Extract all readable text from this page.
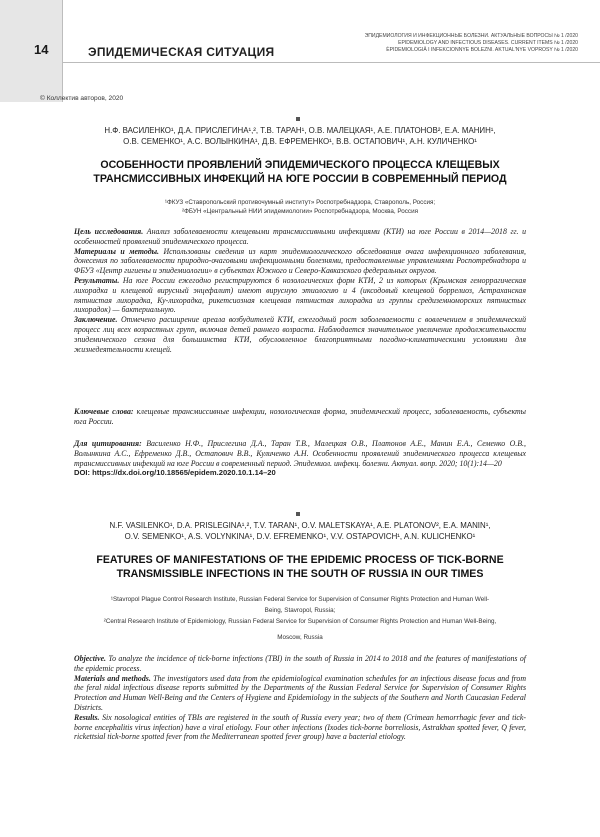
14	ЭПИДЕМИЧЕСКАЯ СИТУАЦИЯ
ЭПИДЕМИОЛОГИЯ И ИНФЕКЦИОННЫЕ БОЛЕЗНИ. АКТУАЛЬНЫЕ ВОПРОСЫ № 1 /2020
EPIDEMIOLOGY AND INFECTIOUS DISEASES. CURRENT ITEMS № 1 /2020
ÈPIDEMIOLOGIÂ I INFEKCIONNYE BOLEZNI. AKTUAL'NYE VOPROSY № 1 /2020
© Коллектив авторов, 2020
Н.Ф. ВАСИЛЕНКО¹, Д.А. ПРИСЛЕГИНА¹,², Т.В. ТАРАН¹, О.В. МАЛЕЦКАЯ¹, А.Е. ПЛАТОНОВ², Е.А. МАНИН¹,
О.В. СЕМЕНКО¹, А.С. ВОЛЫНКИНА¹, Д.В. ЕФРЕМЕНКО¹, В.В. ОСТАПОВИЧ¹, А.Н. КУЛИЧЕНКО¹
ОСОБЕННОСТИ ПРОЯВЛЕНИЙ ЭПИДЕМИЧЕСКОГО ПРОЦЕССА КЛЕЩЕВЫХ
ТРАНСМИССИВНЫХ ИНФЕКЦИЙ НА ЮГЕ РОССИИ В СОВРЕМЕННЫЙ ПЕРИОД
¹ФКУЗ «Ставропольский противочумный институт» Роспотребнадзора, Ставрополь, Россия;
²ФБУН «Центральный НИИ эпидемиологии» Роспотребнадзора, Москва, Россия

Цель исследования. Анализ заболеваемости клещевыми трансмиссивными инфекциями (КТИ) на юге России в 2014—2018 гг. и особенностей проявлений эпидемического процесса.

Материалы и методы. Использованы сведения из карт эпидемиологического обследования очага инфекционного заболевания, донесения по заболеваемости природно-очаговыми инфекционными болезнями, предоставленные управлениями Роспотребнадзора и ФБУЗ «Центр гигиены и эпидемиологии» в субъектах Южного и Северо-Кавказского федеральных округов.

Результаты. На юге России ежегодно регистрируются 6 нозологических форм КТИ, 2 из которых (Крымская геморрагическая лихорадка и клещевой вирусный энцефалит) имеют вирусную этиологию и 4 (иксодовый клещевой боррелиоз, Астраханская пятнистая лихорадка, Ку-лихорадка, рикетсиозная клещевая пятнистая лихорадка из группы средиземноморских пятнистых лихорадок) — бактериальную.

Заключение. Отмечено расширение ареала возбудителей КТИ, ежегодный рост заболеваемости с вовлечением в эпидемический процесс лиц всех возрастных групп, включая детей раннего возраста. Наблюдается значительное увеличение продолжительности эпидемического сезона для большинства КТИ, обусловленное благоприятными погодно-климатическими условиями для жизнедеятельности клещей.

Ключевые слова: клещевые трансмиссивные инфекции, нозологическая форма, эпидемический процесс, заболеваемость, субъекты юга России.

Для цитирования: Василенко Н.Ф., Прислегина Д.А., Таран Т.В., Малецкая О.В., Платонов А.Е., Манин Е.А., Семенко О.В., Волынкина А.С., Ефременко Д.В., Остапович В.В., Куличенко А.Н. Особенности проявлений эпидемического процесса клещевых трансмиссивных инфекций на юге России в современный период. Эпидемиол. инфекц. болезни. Актуал. вопр. 2020; 10(1):14—20

DOI: https://dx.doi.org/10.18565/epidem.2020.10.1.14–20

N.F. VASILENKO¹, D.A. PRISLEGINA¹,², T.V. TARAN¹, O.V. MALETSKAYA¹, A.E. PLATONOV², E.A. MANIN¹,
O.V. SEMENKO¹, A.S. VOLYNKINA¹, D.V. EFREMENKO¹, V.V. OSTAPOVICH¹, A.N. KULICHENKO¹
FEATURES OF MANIFESTATIONS OF THE EPIDEMIC PROCESS OF TICK-BORNE
TRANSMISSIBLE INFECTIONS IN THE SOUTH OF RUSSIA IN OUR TIMES
¹Stavropol Plague Control Research Institute, Russian Federal Service for Supervision of Consumer Rights Protection and Human Well-
Being, Stavropol, Russia;
²Central Research Institute of Epidemiology, Russian Federal Service for Supervision of Consumer Rights Protection and Human Well-Being,
Moscow, Russia

Objective. To analyze the incidence of tick-borne infections (TBI) in the south of Russia in 2014 to 2018 and the features of manifestations of the epidemic process.

Materials and methods. The investigators used data from the epidemiological examination schedules for an infectious disease focus and from the feral nidal infectious disease reports submitted by the Departments of the Russian Federal Service for Supervision of Consumer Rights Protection and Human Well-Being and the Centers of Hygiene and Epidemiology in the subjects of the Southern and North Caucasian Federal Districts.

Results. Six nosological entities of TBIs are registered in the south of Russia every year; two of them (Crimean hemorrhagic fever and tick-borne encephalitis virus infection) have a viral etiology. Four other infections (Ixodes tick-borne borreliosis, Astrakhan spotted fever, Q fever, rickettsial tick-borne spotted fever from the Mediterranean spotted fever group) have a bacterial etiology.
